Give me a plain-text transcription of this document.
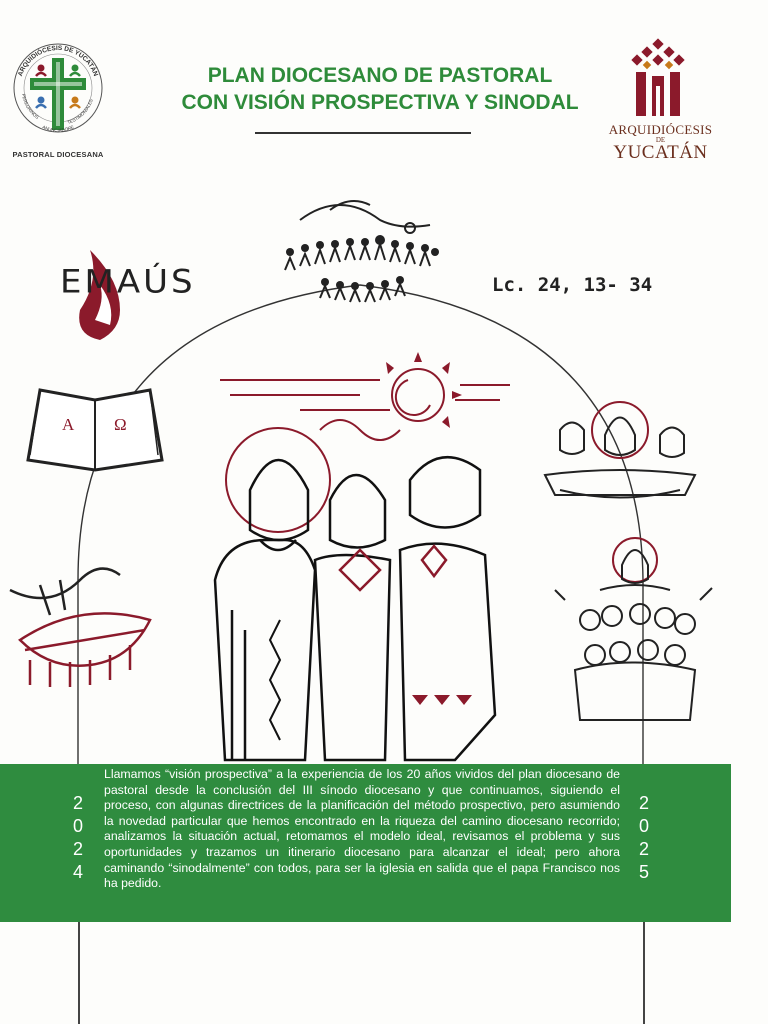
ARQUIDIÓCESIS DE YUCATÁN
PEREGRINOS
ANUNCIADORE
TESTIMONIALES
PASTORAL DIOCESANA
PLAN DIOCESANO DE PASTORAL
CON VISIÓN PROSPECTIVA Y SINODAL
ARQUIDIÓCESIS
DE
YUCATÁN
A Ω
EMAÚS	Lc. 24, 13- 34
Llamamos “visión prospectiva” a la experiencia de los 20 años vividos del plan diocesano de pastoral desde la conclusión del III sínodo diocesano y que continuamos, siguiendo el proceso, con algunas directrices de la planificación del método prospectivo, pero asumiendo la novedad particular que hemos encontrado en la riqueza del camino diocesano recorrido; analizamos la situación actual, retomamos el modelo ideal, revisamos el problema y sus oportunidades y trazamos un itinerario diocesano para alcanzar el ideal; pero ahora caminando “sinodalmente” con todos, para ser la iglesia en salida que el papa Francisco nos ha pedido.
2
0
2
4
2
0
2
5
